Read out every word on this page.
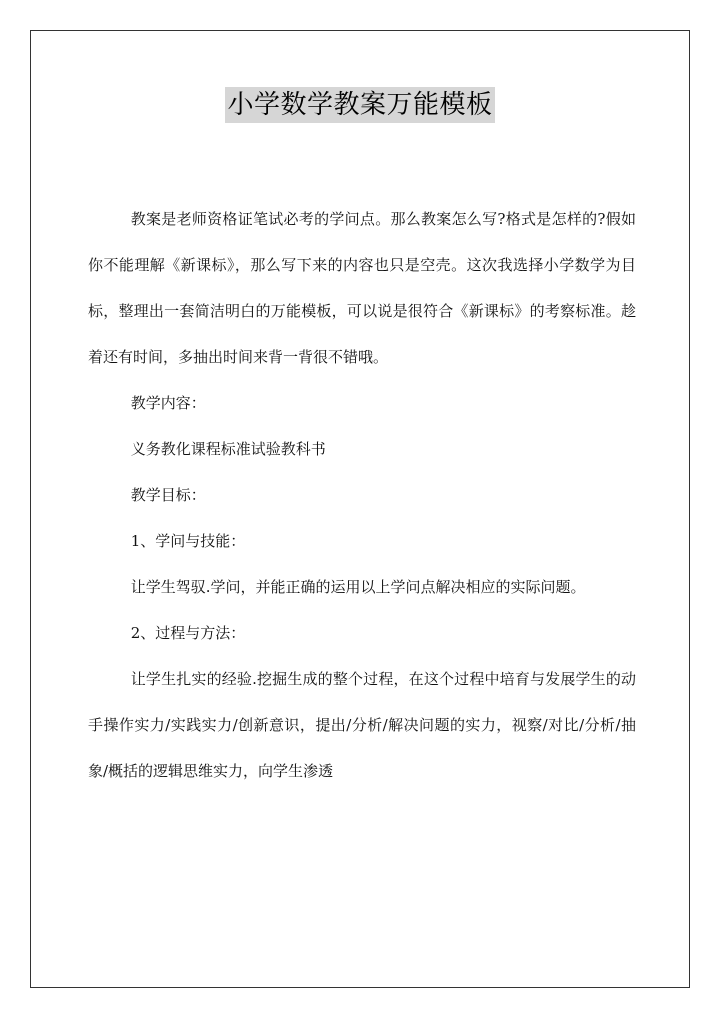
小学数学教案万能模板

教案是老师资格证笔试必考的学问点。那么教案怎么写?格式是怎样的?假如你不能理解《新课标》，那么写下来的内容也只是空壳。这次我选择小学数学为目标，整理出一套简洁明白的万能模板，可以说是很符合《新课标》的考察标准。趁着还有时间，多抽出时间来背一背很不错哦。

教学内容：

义务教化课程标准试验教科书

教学目标：

1、学问与技能：

让学生驾驭.学问，并能正确的运用以上学问点解决相应的实际问题。

2、过程与方法：

让学生扎实的经验.挖掘生成的整个过程，在这个过程中培育与发展学生的动手操作实力/实践实力/创新意识，提出/分析/解决问题的实力，视察/对比/分析/抽象/概括的逻辑思维实力，向学生渗透
